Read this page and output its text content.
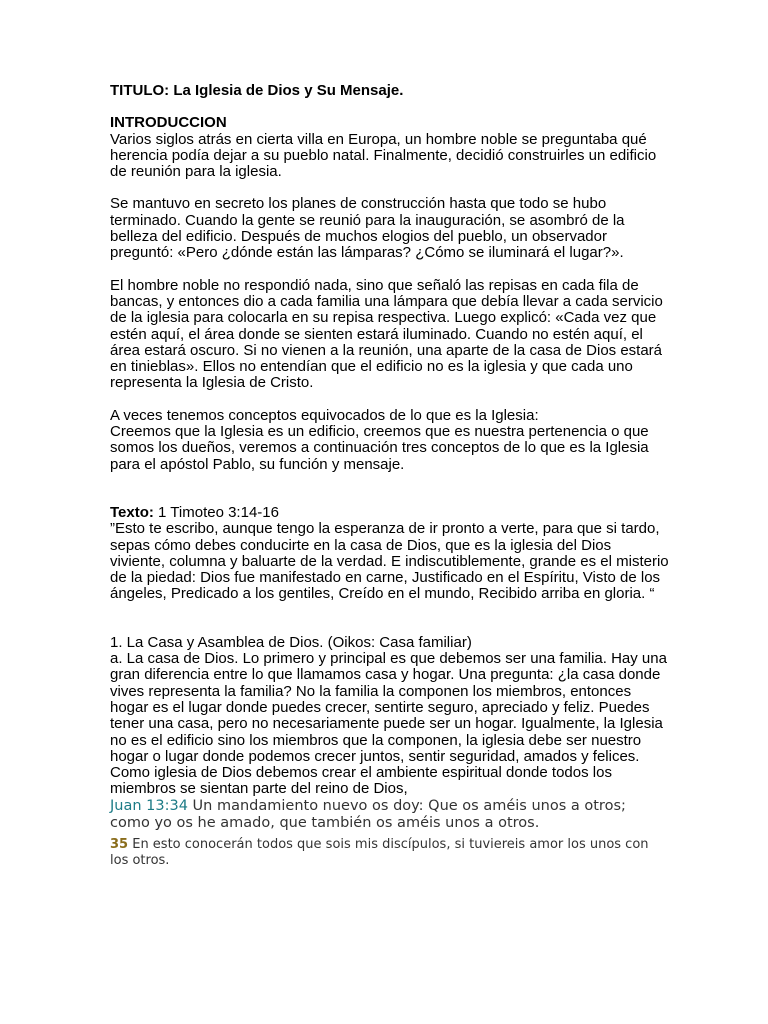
TITULO: La Iglesia de Dios y Su Mensaje.

INTRODUCCION

Varios siglos atrás en cierta villa en Europa, un hombre noble se preguntaba qué herencia podía dejar a su pueblo natal. Finalmente, decidió construirles un edificio de reunión para la iglesia.

Se mantuvo en secreto los planes de construcción hasta que todo se hubo terminado. Cuando la gente se reunió para la inauguración, se asombró de la belleza del edificio. Después de muchos elogios del pueblo, un observador preguntó: «Pero ¿dónde están las lámparas? ¿Cómo se iluminará el lugar?».

El hombre noble no respondió nada, sino que señaló las repisas en cada fila de bancas, y entonces dio a cada familia una lámpara que debía llevar a cada servicio de la iglesia para colocarla en su repisa respectiva. Luego explicó: «Cada vez que estén aquí, el área donde se sienten estará iluminado. Cuando no estén aquí, el área estará oscuro. Si no vienen a la reunión, una aparte de la casa de Dios estará en tinieblas». Ellos no entendían que el edificio no es la iglesia y que cada uno representa la Iglesia de Cristo.

A veces tenemos conceptos equivocados de lo que es la Iglesia:

Creemos que la Iglesia es un edificio, creemos que es nuestra pertenencia o que somos los dueños, veremos a continuación tres conceptos de lo que es la Iglesia para el apóstol Pablo, su función y mensaje.

Texto: 1 Timoteo 3:14-16

”Esto te escribo, aunque tengo la esperanza de ir pronto a verte, para que si tardo, sepas cómo debes conducirte en la casa de Dios, que es la iglesia del Dios viviente, columna y baluarte de la verdad. E indiscutiblemente, grande es el misterio de la piedad: Dios fue manifestado en carne, Justificado en el Espíritu, Visto de los ángeles, Predicado a los gentiles, Creído en el mundo, Recibido arriba en gloria. “

1. La Casa y Asamblea de Dios. (Oikos: Casa familiar)

a. La casa de Dios. Lo primero y principal es que debemos ser una familia. Hay una gran diferencia entre lo que llamamos casa y hogar. Una pregunta: ¿la casa donde vives representa la familia? No la familia la componen los miembros, entonces hogar es el lugar donde puedes crecer, sentirte seguro, apreciado y feliz. Puedes tener una casa, pero no necesariamente puede ser un hogar. Igualmente, la Iglesia no es el edificio sino los miembros que la componen, la iglesia debe ser nuestro hogar o lugar donde podemos crecer juntos, sentir seguridad, amados y felices. Como iglesia de Dios debemos crear el ambiente espiritual donde todos los miembros se sientan parte del reino de Dios,

Juan 13:34 Un mandamiento nuevo os doy: Que os améis unos a otros; como yo os he amado, que también os améis unos a otros.

35 En esto conocerán todos que sois mis discípulos, si tuviereis amor los unos con los otros.
